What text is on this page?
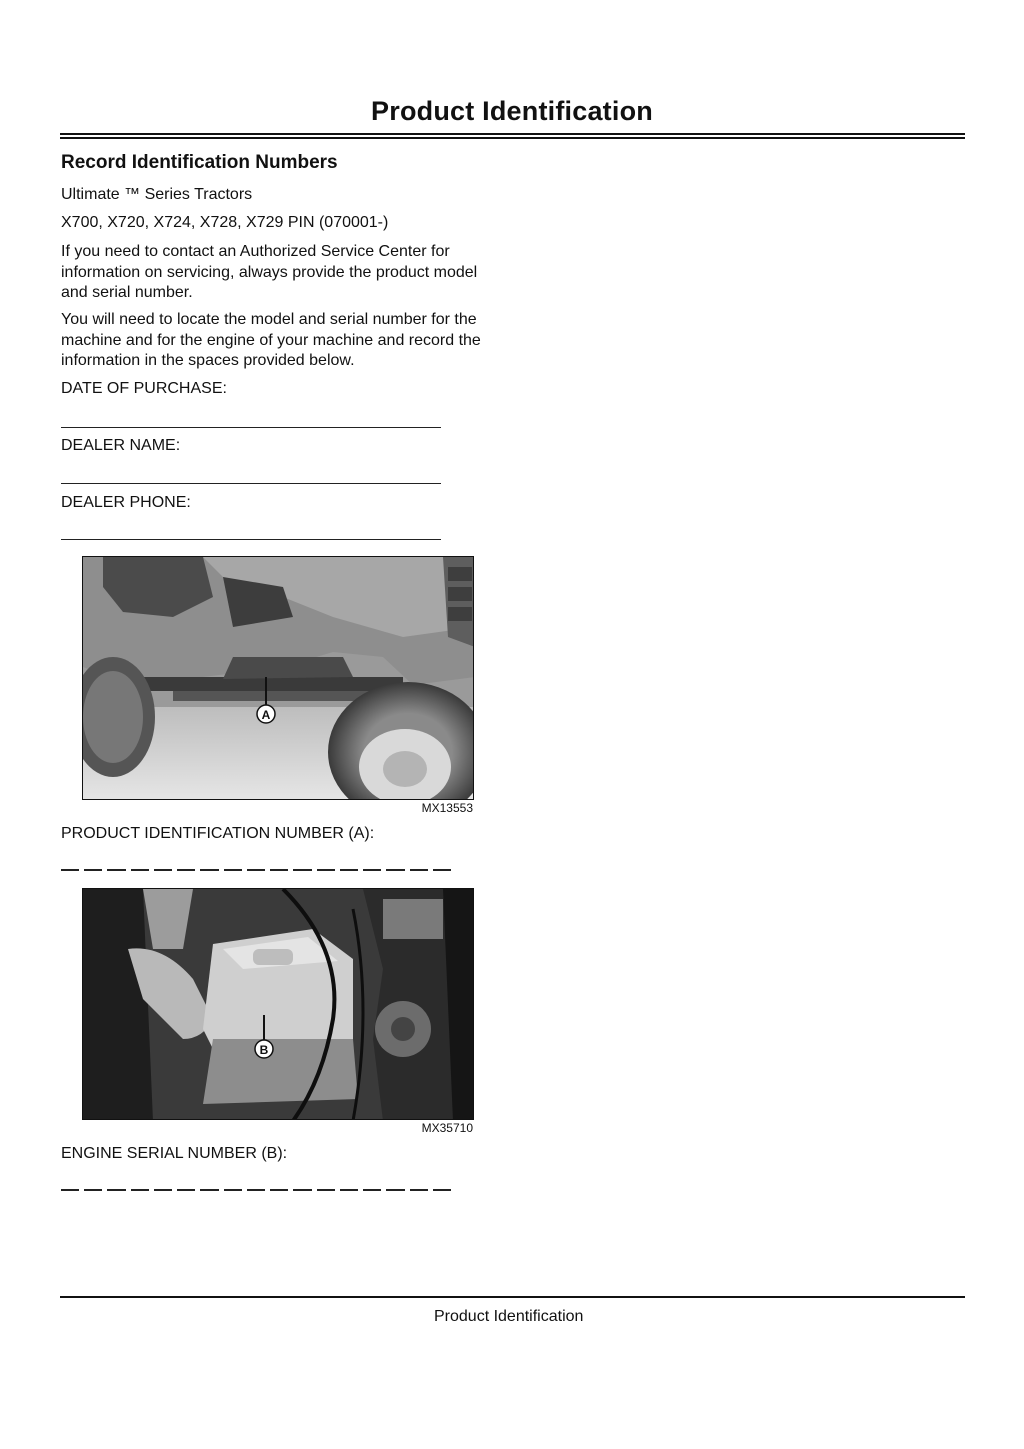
Product Identification
Record Identification Numbers
Ultimate ™ Series Tractors
X700, X720, X724, X728, X729 PIN (070001-)
If you need to contact an Authorized Service Center for information on servicing, always provide the product model and serial number.
You will need to locate the model and serial number for the machine and for the engine of your machine and record the information in the spaces provided below.
DATE OF PURCHASE:
DEALER NAME:
DEALER PHONE:
A
MX13553
PRODUCT IDENTIFICATION NUMBER (A):
B
MX35710
ENGINE SERIAL NUMBER (B):
Product Identification
